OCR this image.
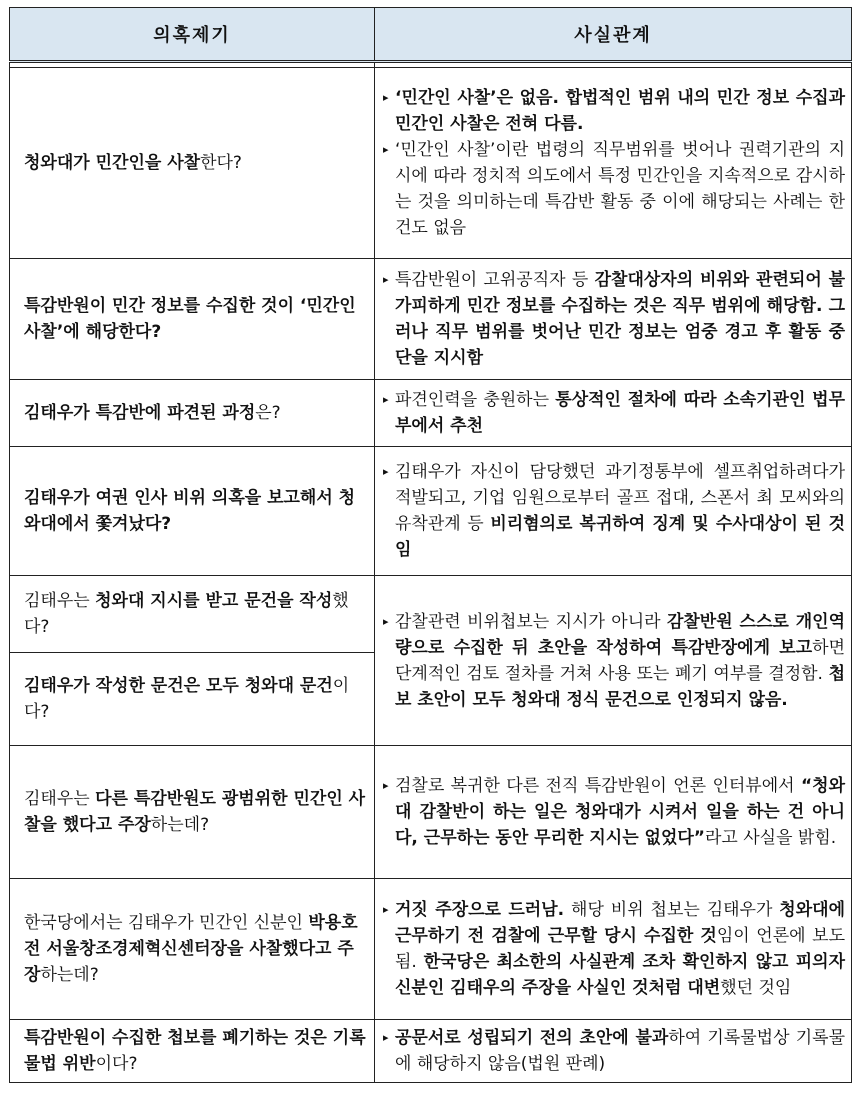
의혹제기	사실관계

청와대가 민간인을 사찰한다?	▸ ‘민간인 사찰’은 없음. 합법적인 범위 내의 민간 정보 수집과 민간인 사찰은 전혀 다름.
▸ ‘민간인 사찰’이란 법령의 직무범위를 벗어나 권력기관의 지시에 따라 정치적 의도에서 특정 민간인을 지속적으로 감시하는 것을 의미하는데 특감반 활동 중 이에 해당되는 사례는 한건도 없음

특감반원이 민간 정보를 수집한 것이 ‘민간인 사찰’에 해당한다?	▸ 특감반원이 고위공직자 등 감찰대상자의 비위와 관련되어 불가피하게 민간 정보를 수집하는 것은 직무 범위에 해당함. 그러나 직무 범위를 벗어난 민간 정보는 엄중 경고 후 활동 중단을 지시함

김태우가 특감반에 파견된 과정은?	▸ 파견인력을 충원하는 통상적인 절차에 따라 소속기관인 법무부에서 추천

김태우가 여권 인사 비위 의혹을 보고해서 청와대에서 쫓겨났다?	▸ 김태우가 자신이 담당했던 과기정통부에 셀프취업하려다가 적발되고, 기업 임원으로부터 골프 접대, 스폰서 최 모씨와의 유착관계 등 비리혐의로 복귀하여 징계 및 수사대상이 된 것임

김태우는 청와대 지시를 받고 문건을 작성했다?	▸ 감찰관련 비위첩보는 지시가 아니라 감찰반원 스스로 개인역량으로 수집한 뒤 초안을 작성하여 특감반장에게 보고하면 단계적인 검토 절차를 거쳐 사용 또는 폐기 여부를 결정함. 첩보 초안이 모두 청와대 정식 문건으로 인정되지 않음.

김태우가 작성한 문건은 모두 청와대 문건이다?	
김태우는 다른 특감반원도 광범위한 민간인 사찰을 했다고 주장하는데?	▸ 검찰로 복귀한 다른 전직 특감반원이 언론 인터뷰에서 “청와대 감찰반이 하는 일은 청와대가 시켜서 일을 하는 건 아니다, 근무하는 동안 무리한 지시는 없었다”라고 사실을 밝힘.

한국당에서는 김태우가 민간인 신분인 박용호 전 서울창조경제혁신센터장을 사찰했다고 주장하는데?	▸ 거짓 주장으로 드러남. 해당 비위 첩보는 김태우가 청와대에 근무하기 전 검찰에 근무할 당시 수집한 것임이 언론에 보도됨. 한국당은 최소한의 사실관계 조차 확인하지 않고 피의자 신분인 김태우의 주장을 사실인 것처럼 대변했던 것임

특감반원이 수집한 첩보를 폐기하는 것은 기록물법 위반이다?	▸ 공문서로 성립되기 전의 초안에 불과하여 기록물법상 기록물에 해당하지 않음(법원 판례)
